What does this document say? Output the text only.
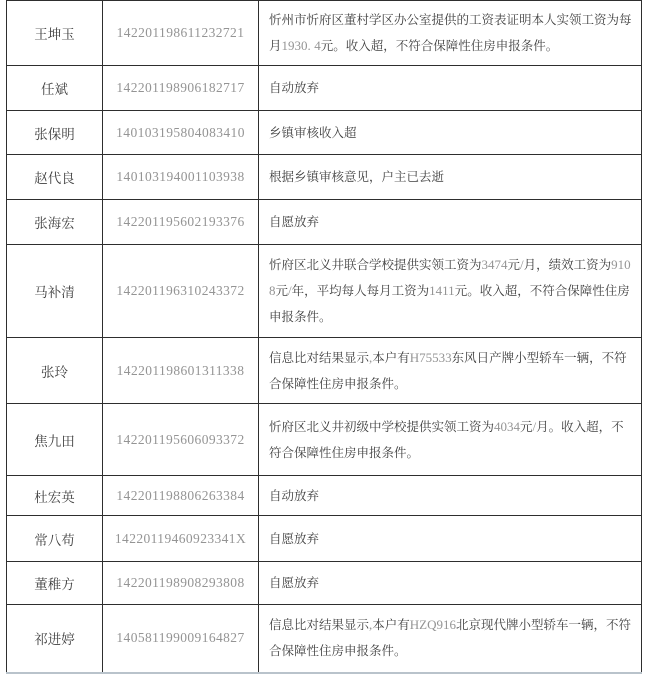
王坤玉	142201198611232721	忻州市忻府区董村学区办公室提供的工资表证明本人实领工资为每月1930. 4元。收入超，不符合保障性住房申报条件。
任斌	142201198906182717	自动放弃
张保明	140103195804083410	乡镇审核收入超
赵代良	140103194001103938	根据乡镇审核意见，户主已去逝
张海宏	142201195602193376	自愿放弃
马补清	142201196310243372	忻府区北义井联合学校提供实领工资为3474元/月，绩效工资为9108元/年，平均每人每月工资为1411元。收入超，不符合保障性住房申报条件。
张玲	142201198601311338	信息比对结果显示,本户有H75533东风日产牌小型轿车一辆，不符合保障性住房申报条件。
焦九田	142201195606093372	忻府区北义井初级中学校提供实领工资为4034元/月。收入超，不符合保障性住房申报条件。
杜宏英	142201198806263384	自动放弃
常八苟	14220119460923341X	自愿放弃
董稚方	142201198908293808	自愿放弃
祁进婷	140581199009164827	信息比对结果显示,本户有HZQ916北京现代牌小型轿车一辆，不符合保障性住房申报条件。
